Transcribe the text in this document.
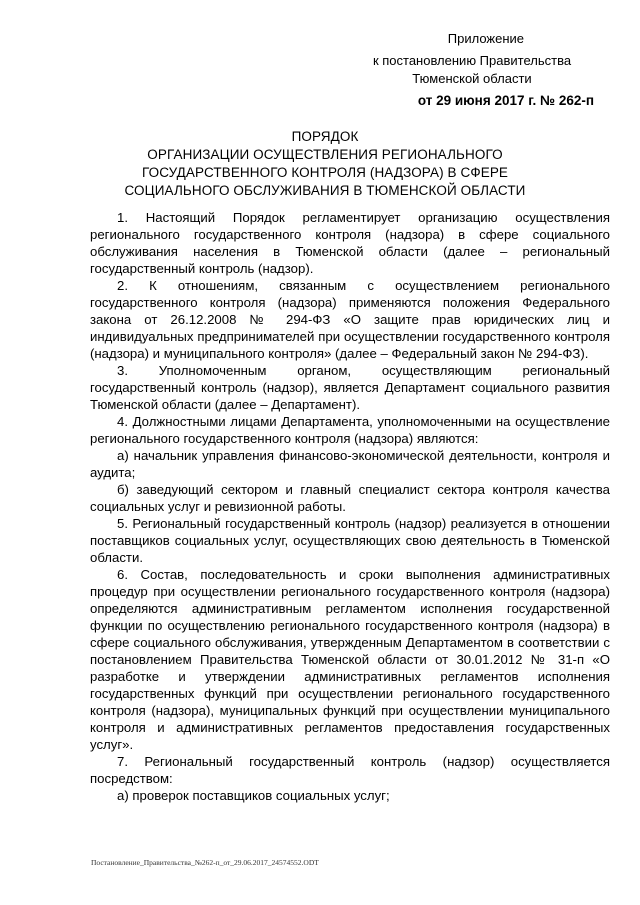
Приложение
к постановлению Правительства Тюменской области
от 29 июня 2017 г. № 262-п
ПОРЯДОК
ОРГАНИЗАЦИИ ОСУЩЕСТВЛЕНИЯ РЕГИОНАЛЬНОГО
ГОСУДАРСТВЕННОГО КОНТРОЛЯ (НАДЗОРА) В СФЕРЕ
СОЦИАЛЬНОГО ОБСЛУЖИВАНИЯ В ТЮМЕНСКОЙ ОБЛАСТИ

1. Настоящий Порядок регламентирует организацию осуществления регионального государственного контроля (надзора) в сфере социального обслуживания населения в Тюменской области (далее – региональный государственный контроль (надзор).

2. К отношениям, связанным с осуществлением регионального государственного контроля (надзора) применяются положения Федерального закона от 26.12.2008 № 294-ФЗ «О защите прав юридических лиц и индивидуальных предпринимателей при осуществлении государственного контроля (надзора) и муниципального контроля» (далее – Федеральный закон № 294-ФЗ).

3. Уполномоченным органом, осуществляющим региональный государственный контроль (надзор), является Департамент социального развития Тюменской области (далее – Департамент).

4. Должностными лицами Департамента, уполномоченными на осуществление регионального государственного контроля (надзора) являются:

а) начальник управления финансово-экономической деятельности, контроля и аудита;

б) заведующий сектором и главный специалист сектора контроля качества социальных услуг и ревизионной работы.

5. Региональный государственный контроль (надзор) реализуется в отношении поставщиков социальных услуг, осуществляющих свою деятельность в Тюменской области.

6. Состав, последовательность и сроки выполнения административных процедур при осуществлении регионального государственного контроля (надзора) определяются административным регламентом исполнения государственной функции по осуществлению регионального государственного контроля (надзора) в сфере социального обслуживания, утвержденным Департаментом в соответствии с постановлением Правительства Тюменской области от 30.01.2012 № 31-п «О разработке и утверждении административных регламентов исполнения государственных функций при осуществлении регионального государственного контроля (надзора), муниципальных функций при осуществлении муниципального контроля и административных регламентов предоставления государственных услуг».

7. Региональный государственный контроль (надзор) осуществляется посредством:

а) проверок поставщиков социальных услуг;

Постановление_Правительства_№262-п_от_29.06.2017_24574552.ODT
